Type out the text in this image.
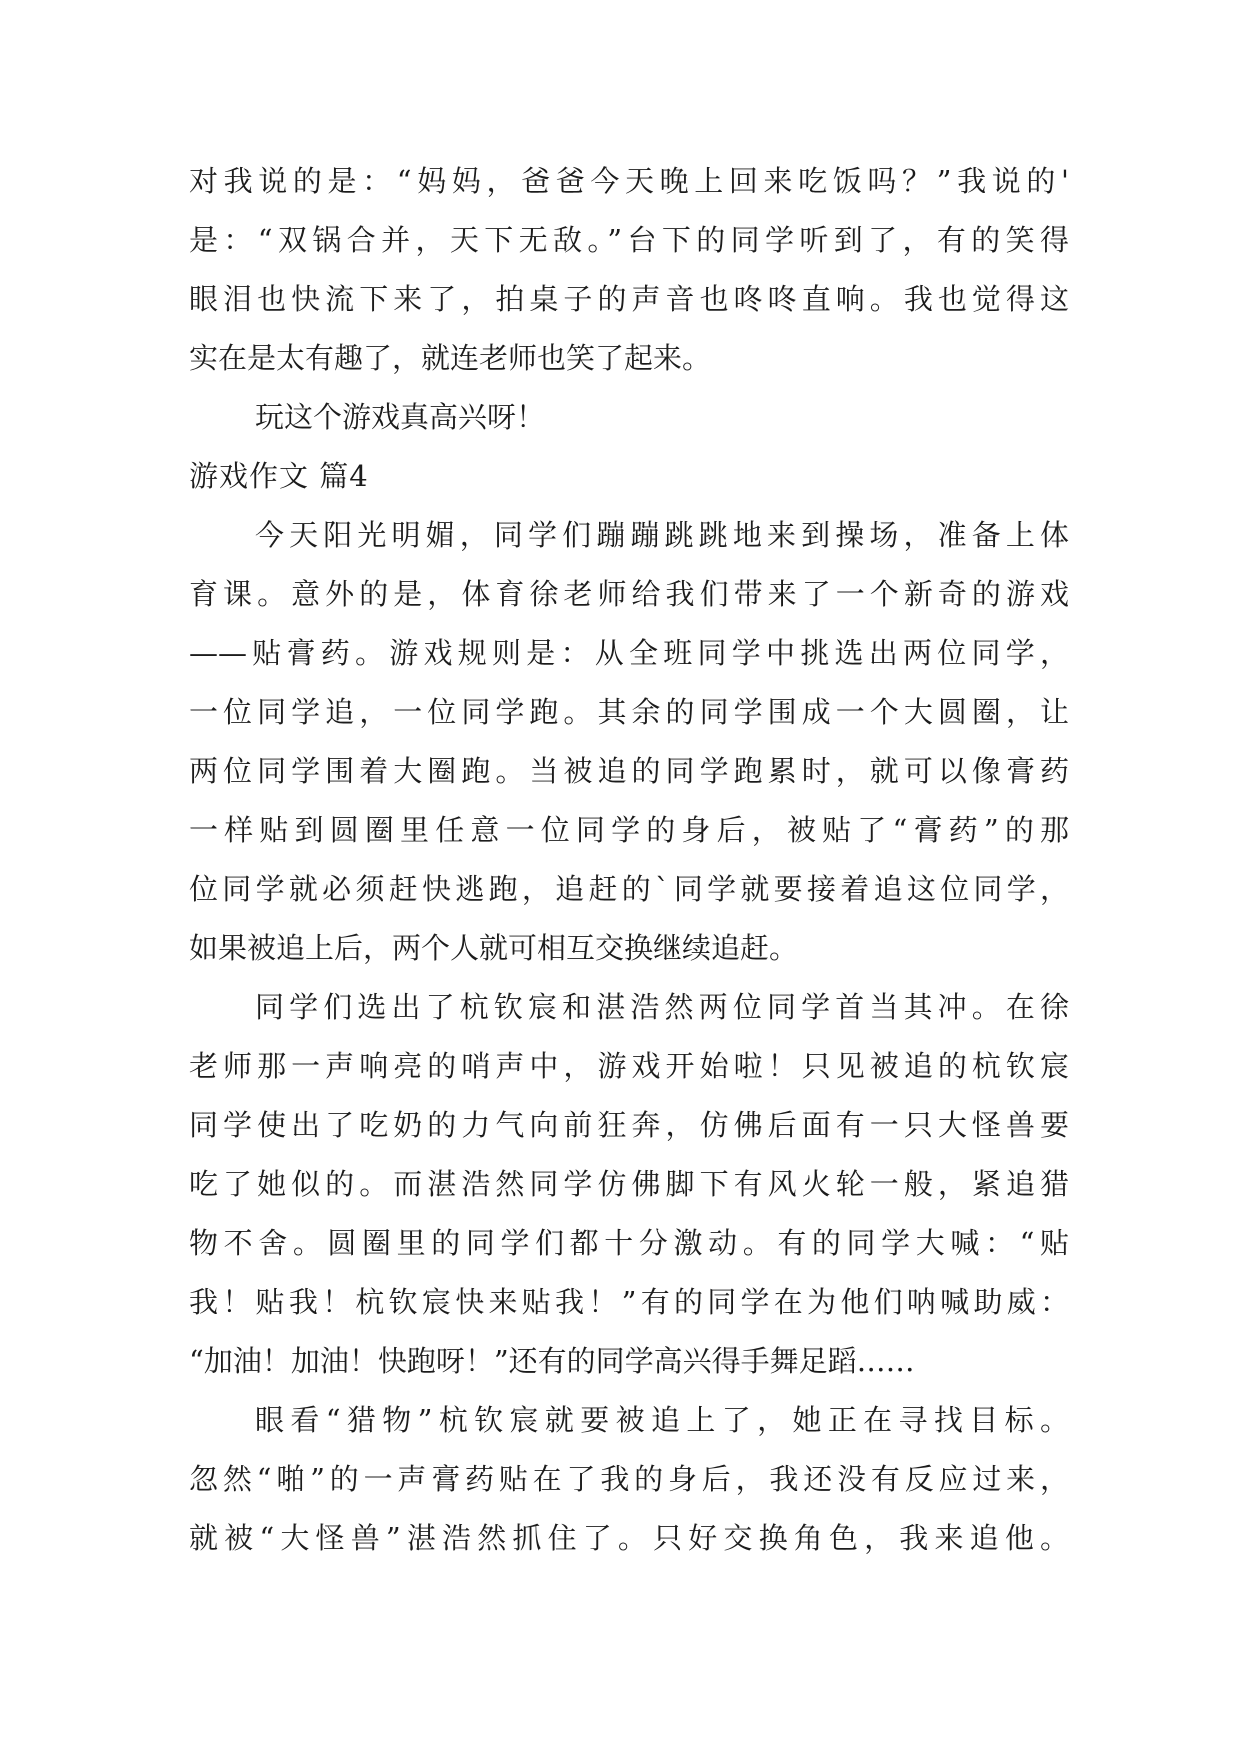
对我说的是：“妈妈，爸爸今天晚上回来吃饭吗？”我说的'
是：“双锅合并，天下无敌。”台下的同学听到了，有的笑得
眼泪也快流下来了，拍桌子的声音也咚咚直响。我也觉得这
实在是太有趣了，就连老师也笑了起来。
玩这个游戏真高兴呀！
游戏作文 篇4
今天阳光明媚，同学们蹦蹦跳跳地来到操场，准备上体
育课。意外的是，体育徐老师给我们带来了一个新奇的游戏
——贴膏药。游戏规则是：从全班同学中挑选出两位同学，
一位同学追，一位同学跑。其余的同学围成一个大圆圈，让
两位同学围着大圈跑。当被追的同学跑累时，就可以像膏药
一样贴到圆圈里任意一位同学的身后，被贴了“膏药”的那
位同学就必须赶快逃跑，追赶的`同学就要接着追这位同学，
如果被追上后，两个人就可相互交换继续追赶。
同学们选出了杭钦宸和湛浩然两位同学首当其冲。在徐
老师那一声响亮的哨声中，游戏开始啦！只见被追的杭钦宸
同学使出了吃奶的力气向前狂奔，仿佛后面有一只大怪兽要
吃了她似的。而湛浩然同学仿佛脚下有风火轮一般，紧追猎
物不舍。圆圈里的同学们都十分激动。有的同学大喊：“贴
我！贴我！杭钦宸快来贴我！”有的同学在为他们呐喊助威：
“加油！加油！快跑呀！”还有的同学高兴得手舞足蹈……
眼看“猎物”杭钦宸就要被追上了，她正在寻找目标。
忽然“啪”的一声膏药贴在了我的身后，我还没有反应过来，
就被“大怪兽”湛浩然抓住了。只好交换角色，我来追他。
